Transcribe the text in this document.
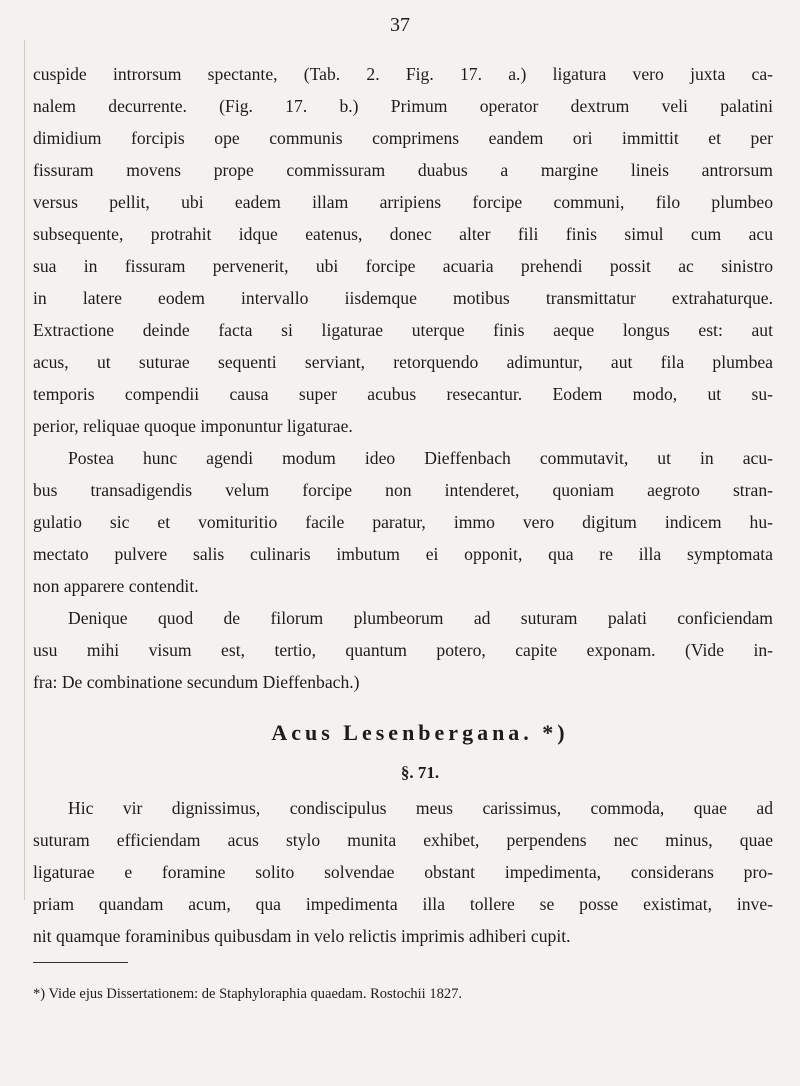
37
cuspide introrsum spectante, (Tab. 2. Fig. 17. a.) ligatura vero juxta ca-
nalem decurrente. (Fig. 17. b.) Primum operator dextrum veli palatini
dimidium forcipis ope communis comprimens eandem ori immittit et per
fissuram movens prope commissuram duabus a margine lineis antrorsum
versus pellit, ubi eadem illam arripiens forcipe communi, filo plumbeo
subsequente, protrahit idque eatenus, donec alter fili finis simul cum acu
sua in fissuram pervenerit, ubi forcipe acuaria prehendi possit ac sinistro
in latere eodem intervallo iisdemque motibus transmittatur extrahaturque.
Extractione deinde facta si ligaturae uterque finis aeque longus est: aut
acus, ut suturae sequenti serviant, retorquendo adimuntur, aut fila plumbea
temporis compendii causa super acubus resecantur. Eodem modo, ut su-
perior, reliquae quoque imponuntur ligaturae.
Postea hunc agendi modum ideo Dieffenbach commutavit, ut in acu-
bus transadigendis velum forcipe non intenderet, quoniam aegroto stran-
gulatio sic et vomituritio facile paratur, immo vero digitum indicem hu-
mectato pulvere salis culinaris imbutum ei opponit, qua re illa symptomata
non apparere contendit.
Acus Lesenbergana. *)
§. 71.
Hic vir dignissimus, condiscipulus meus carissimus, commoda, quae ad
suturam efficiendam acus stylo munita exhibet, perpendens nec minus, quae
ligaturae e foramine solito solvendae obstant impedimenta, considerans pro-
priam quandam acum, qua impedimenta illa tollere se posse existimat, inve-
nit quamque foraminibus quibusdam in velo relictis imprimis adhiberi cupit.
*) Vide ejus Dissertationem: de Staphyloraphia quaedam. Rostochii 1827.
Denique quod de filorum plumbeorum ad suturam palati conficiendam
usu mihi visum est, tertio, quantum potero, capite exponam. (Vide in-
fra: De combinatione secundum Dieffenbach.)
